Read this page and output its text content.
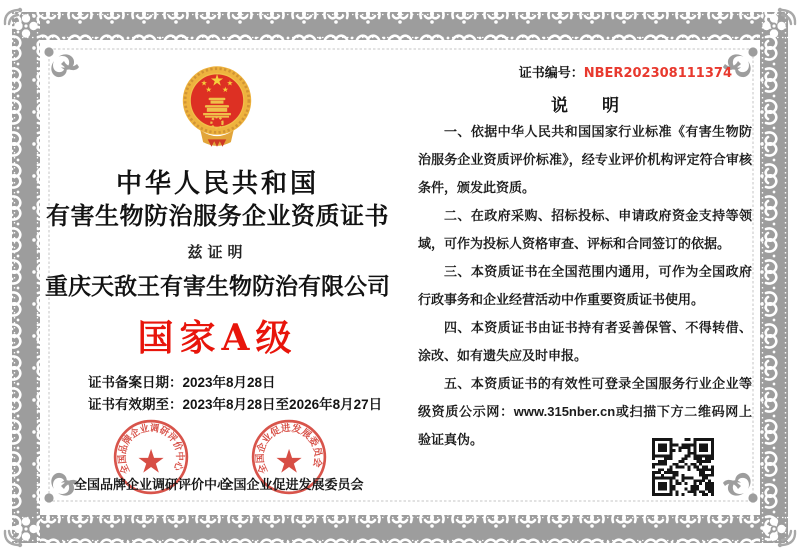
★
★ ★
★ ★
中华人民共和国
有害生物防治服务企业资质证书
兹证明
重庆天敌王有害生物防治有限公司
国家A级
证书备案日期：2023年8月28日
证书有效期至：2023年8月28日至2026年8月27日
全国品牌企业调研评价中心
★	全国企业促进发展委员会
★
全国品牌企业调研评价中心
全国企业促进发展委员会
证书编号：NBER202308111374
说　　明

一、依据中华人民共和国国家行业标准《有害生物防治服务企业资质评价标准》，经专业评价机构评定符合审核条件，颁发此资质。

二、在政府采购、招标投标、申请政府资金支持等领域，可作为投标人资格审查、评标和合同签订的依据。

三、本资质证书在全国范围内通用，可作为全国政府行政事务和企业经营活动中作重要资质证书使用。

四、本资质证书由证书持有者妥善保管、不得转借、涂改、如有遗失应及时申报。

五、本资质证书的有效性可登录全国服务行业企业等级资质公示网：www.315nber.cn或扫描下方二维码网上验证真伪。
